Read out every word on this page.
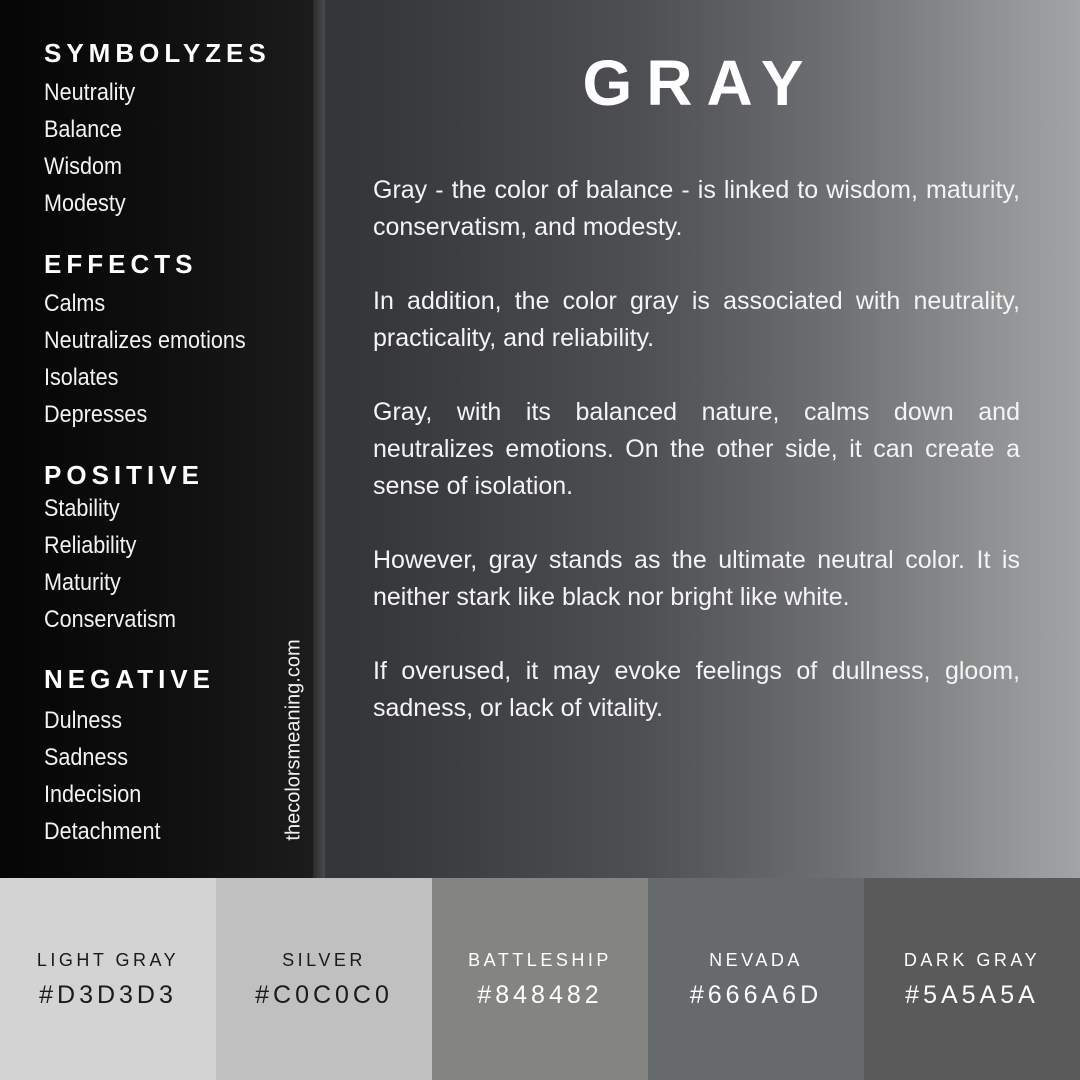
SYMBOLYZES
Neutrality
Balance
Wisdom
Modesty
EFFECTS
Calms
Neutralizes emotions
Isolates
Depresses
POSITIVE
Stability
Reliability
Maturity
Conservatism
NEGATIVE
Dulness
Sadness
Indecision
Detachment	thecolorsmeaning.com
GRAY

Gray - the color of balance - is linked to wisdom, maturity, conservatism, and modesty.

In addition, the color gray is associated with neutrality, practicality, and reliability.

Gray, with its balanced nature, calms down and neutralizes emotions. On the other side, it can create a sense of isolation.

However, gray stands as the ultimate neutral color. It is neither stark like black nor bright like white.

If overused, it may evoke feelings of dullness, gloom, sadness, or lack of vitality.

LIGHT GRAY
#D3D3D3
SILVER
#C0C0C0
BATTLESHIP
#848482
NEVADA
#666A6D
DARK GRAY
#5A5A5A
